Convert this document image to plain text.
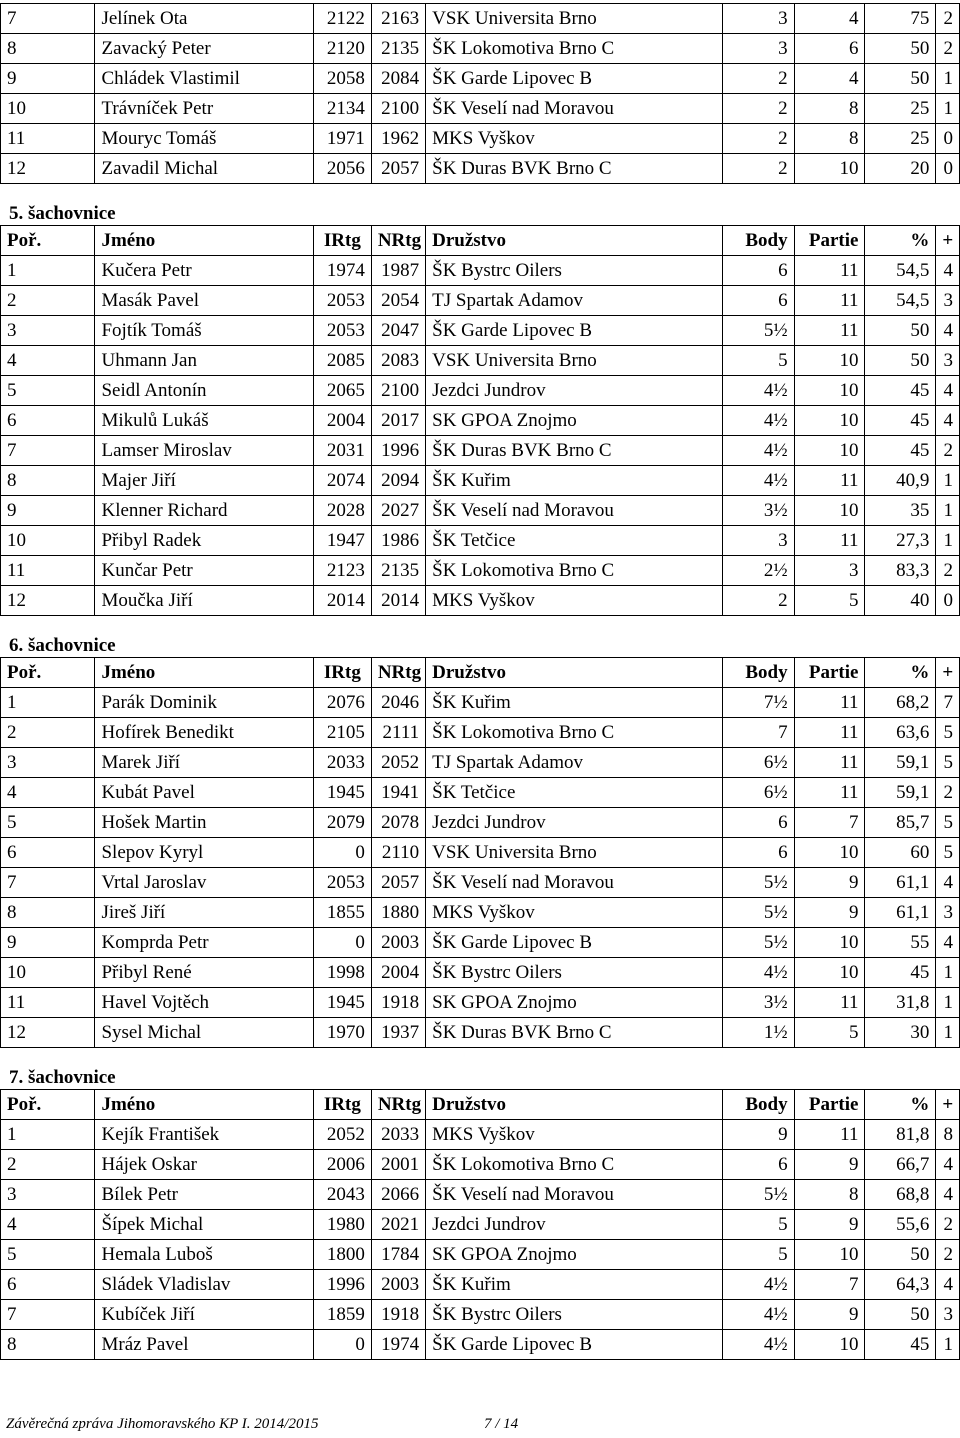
7	Jelínek Ota	2122	2163	VSK Universita Brno	3	4	75	2
8	Zavacký Peter	2120	2135	ŠK Lokomotiva Brno C	3	6	50	2
9	Chládek Vlastimil	2058	2084	ŠK Garde Lipovec B	2	4	50	1
10	Trávníček Petr	2134	2100	ŠK Veselí nad Moravou	2	8	25	1
11	Mouryc Tomáš	1971	1962	MKS Vyškov	2	8	25	0
12	Zavadil Michal	2056	2057	ŠK Duras BVK Brno C	2	10	20	0
5. šachovnice
Poř.	Jméno	IRtg	NRtg	Družstvo	Body	Partie	%	+
1	Kučera Petr	1974	1987	ŠK Bystrc Oilers	6	11	54,5	4
2	Masák Pavel	2053	2054	TJ Spartak Adamov	6	11	54,5	3
3	Fojtík Tomáš	2053	2047	ŠK Garde Lipovec B	5½	11	50	4
4	Uhmann Jan	2085	2083	VSK Universita Brno	5	10	50	3
5	Seidl Antonín	2065	2100	Jezdci Jundrov	4½	10	45	4
6	Mikulů Lukáš	2004	2017	SK GPOA Znojmo	4½	10	45	4
7	Lamser Miroslav	2031	1996	ŠK Duras BVK Brno C	4½	10	45	2
8	Majer Jiří	2074	2094	ŠK Kuřim	4½	11	40,9	1
9	Klenner Richard	2028	2027	ŠK Veselí nad Moravou	3½	10	35	1
10	Přibyl Radek	1947	1986	ŠK Tetčice	3	11	27,3	1
11	Kunčar Petr	2123	2135	ŠK Lokomotiva Brno C	2½	3	83,3	2
12	Moučka Jiří	2014	2014	MKS Vyškov	2	5	40	0
6. šachovnice
Poř.	Jméno	IRtg	NRtg	Družstvo	Body	Partie	%	+
1	Parák Dominik	2076	2046	ŠK Kuřim	7½	11	68,2	7
2	Hofírek Benedikt	2105	2111	ŠK Lokomotiva Brno C	7	11	63,6	5
3	Marek Jiří	2033	2052	TJ Spartak Adamov	6½	11	59,1	5
4	Kubát Pavel	1945	1941	ŠK Tetčice	6½	11	59,1	2
5	Hošek Martin	2079	2078	Jezdci Jundrov	6	7	85,7	5
6	Slepov Kyryl	0	2110	VSK Universita Brno	6	10	60	5
7	Vrtal Jaroslav	2053	2057	ŠK Veselí nad Moravou	5½	9	61,1	4
8	Jireš Jiří	1855	1880	MKS Vyškov	5½	9	61,1	3
9	Komprda Petr	0	2003	ŠK Garde Lipovec B	5½	10	55	4
10	Přibyl René	1998	2004	ŠK Bystrc Oilers	4½	10	45	1
11	Havel Vojtěch	1945	1918	SK GPOA Znojmo	3½	11	31,8	1
12	Sysel Michal	1970	1937	ŠK Duras BVK Brno C	1½	5	30	1
7. šachovnice
Poř.	Jméno	IRtg	NRtg	Družstvo	Body	Partie	%	+
1	Kejík František	2052	2033	MKS Vyškov	9	11	81,8	8
2	Hájek Oskar	2006	2001	ŠK Lokomotiva Brno C	6	9	66,7	4
3	Bílek Petr	2043	2066	ŠK Veselí nad Moravou	5½	8	68,8	4
4	Šípek Michal	1980	2021	Jezdci Jundrov	5	9	55,6	2
5	Hemala Luboš	1800	1784	SK GPOA Znojmo	5	10	50	2
6	Sládek Vladislav	1996	2003	ŠK Kuřim	4½	7	64,3	4
7	Kubíček Jiří	1859	1918	ŠK Bystrc Oilers	4½	9	50	3
8	Mráz Pavel	0	1974	ŠK Garde Lipovec B	4½	10	45	1
Závěrečná zpráva Jihomoravského KP I. 2014/2015	7 / 14
